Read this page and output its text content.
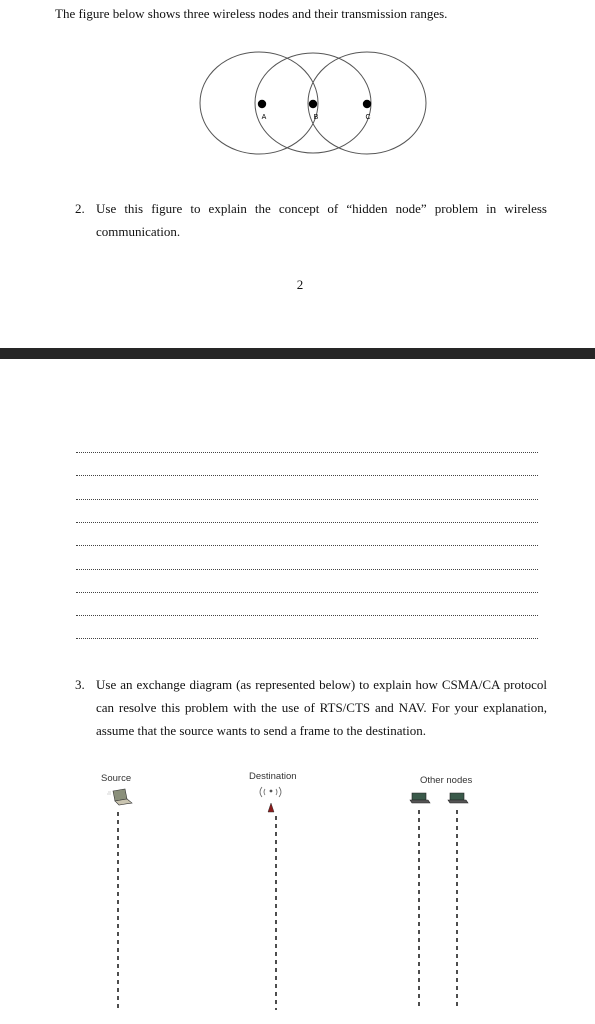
The figure below shows three wireless nodes and their transmission ranges.
A	B	C
2. Use this figure to explain the concept of “hidden node” problem in wireless communication.
2
3. Use an exchange diagram (as represented below) to explain how CSMA/CA protocol can resolve this problem with the use of RTS/CTS and NAV. For your explanation, assume that the source wants to send a frame to the destination.
Source	Destination	Other nodes
